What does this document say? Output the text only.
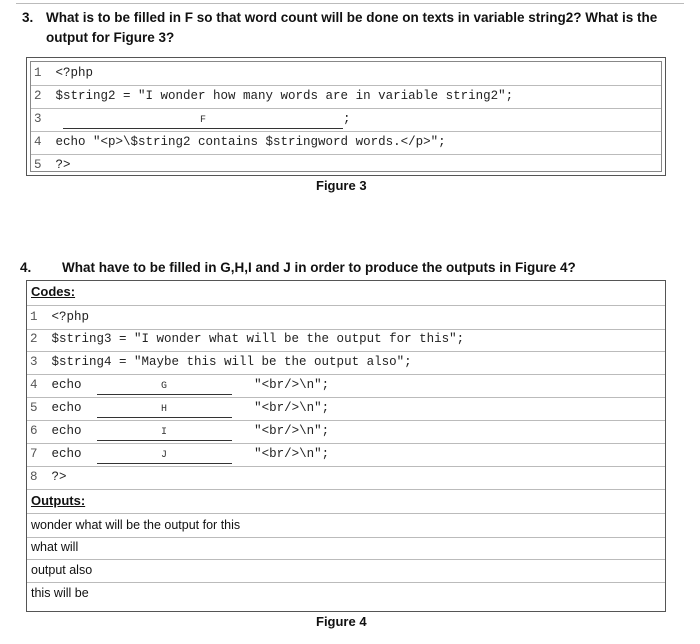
3. What is to be filled in F so that word count will be done on texts in variable string2? What is the output for Figure 3?
1 <?php
2 $string2 = "I wonder how many words are in variable string2";
3	F	;
4 echo "<p>\$string2 contains $stringword words.</p>";
5 ?>
Figure 3
4. What have to be filled in G,H,I and J in order to produce the outputs in Figure 4?
Codes:
1 <?php
2 $string3 = "I wonder what will be the output for this";
3 $string4 = "Maybe this will be the output also";
4 echo	G	"<br/>\n";
5 echo	H	"<br/>\n";
6 echo	I	"<br/>\n";
7 echo	J	"<br/>\n";
8 ?>
Outputs:
wonder what will be the output for this
what will
output also
this will be
Figure 4
